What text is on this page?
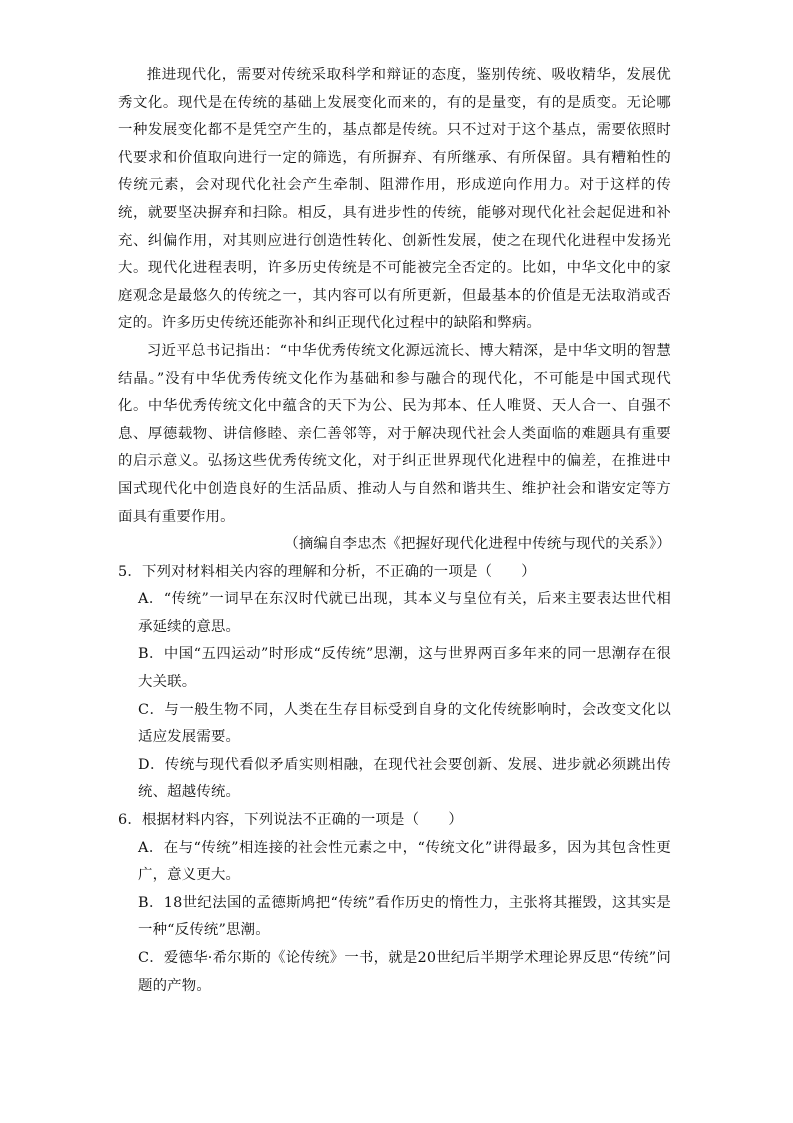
推进现代化，需要对传统采取科学和辩证的态度，鉴别传统、吸收精华，发展优秀文化。现代是在传统的基础上发展变化而来的，有的是量变，有的是质变。无论哪一种发展变化都不是凭空产生的，基点都是传统。只不过对于这个基点，需要依照时代要求和价值取向进行一定的筛选，有所摒弃、有所继承、有所保留。具有糟粕性的传统元素，会对现代化社会产生牵制、阻滞作用，形成逆向作用力。对于这样的传统，就要坚决摒弃和扫除。相反，具有进步性的传统，能够对现代化社会起促进和补充、纠偏作用，对其则应进行创造性转化、创新性发展，使之在现代化进程中发扬光大。现代化进程表明，许多历史传统是不可能被完全否定的。比如，中华文化中的家庭观念是最悠久的传统之一，其内容可以有所更新，但最基本的价值是无法取消或否定的。许多历史传统还能弥补和纠正现代化过程中的缺陷和弊病。

习近平总书记指出：“中华优秀传统文化源远流长、博大精深，是中华文明的智慧结晶。”没有中华优秀传统文化作为基础和参与融合的现代化，不可能是中国式现代化。中华优秀传统文化中蕴含的天下为公、民为邦本、任人唯贤、天人合一、自强不息、厚德载物、讲信修睦、亲仁善邻等，对于解决现代社会人类面临的难题具有重要的启示意义。弘扬这些优秀传统文化，对于纠正世界现代化进程中的偏差，在推进中国式现代化中创造良好的生活品质、推动人与自然和谐共生、维护社会和谐安定等方面具有重要作用。

（摘编自李忠杰《把握好现代化进程中传统与现代的关系》）

5．下列对材料相关内容的理解和分析，不正确的一项是（　　）

A．“传统”一词早在东汉时代就已出现，其本义与皇位有关，后来主要表达世代相承延续的意思。

B．中国“五四运动”时形成“反传统”思潮，这与世界两百多年来的同一思潮存在很大关联。

C．与一般生物不同，人类在生存目标受到自身的文化传统影响时，会改变文化以适应发展需要。

D．传统与现代看似矛盾实则相融，在现代社会要创新、发展、进步就必须跳出传统、超越传统。

6．根据材料内容，下列说法不正确的一项是（　　）

A．在与“传统”相连接的社会性元素之中，“传统文化”讲得最多，因为其包含性更广，意义更大。

B．18世纪法国的孟德斯鸠把“传统”看作历史的惰性力，主张将其摧毁，这其实是一种“反传统”思潮。

C．爱德华·希尔斯的《论传统》一书，就是20世纪后半期学术理论界反思“传统”问题的产物。
